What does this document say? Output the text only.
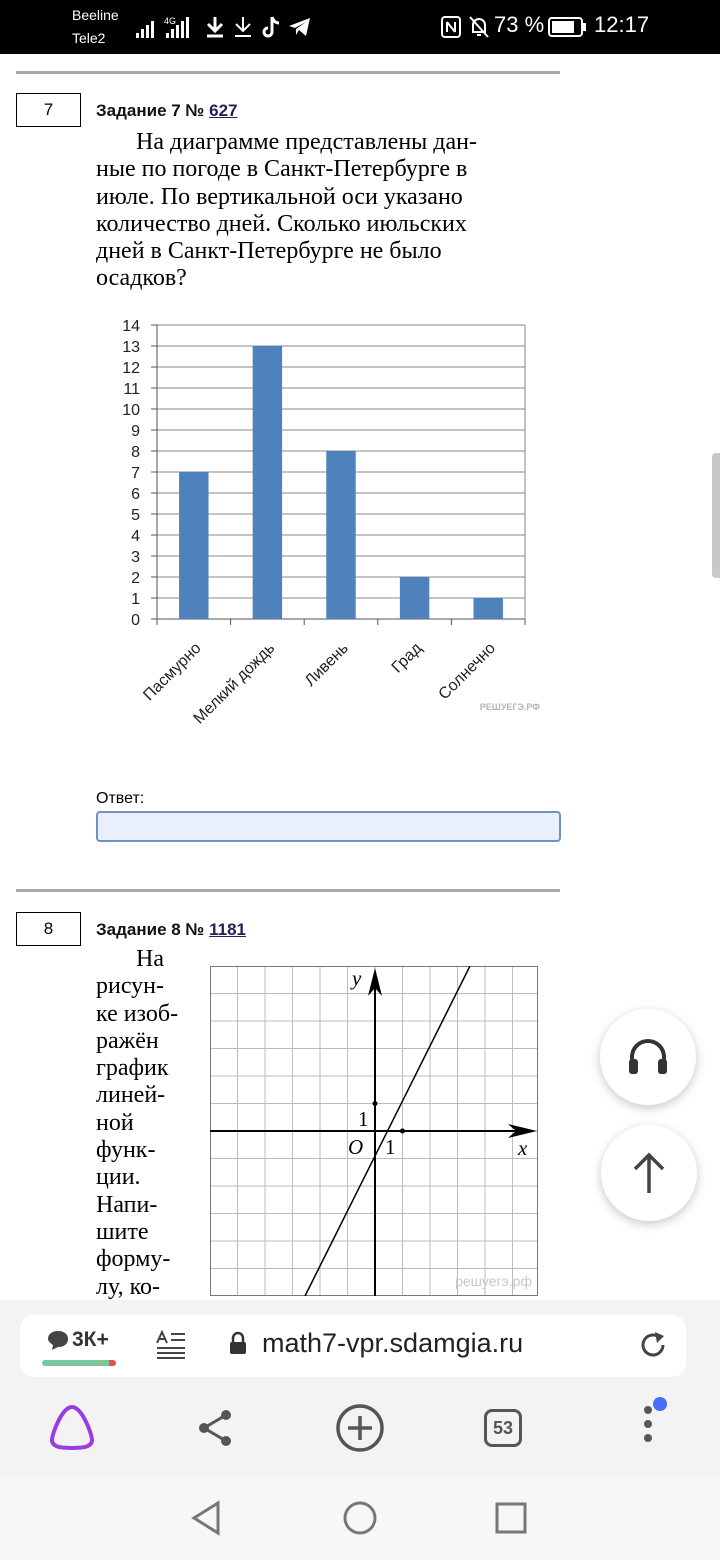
Beeline
Tele2
4G	73 % 12:17
7	Задание 7 № 627
На диаграмме представлены дан-
ные по погоде в Санкт-Петербурге в
июле. По вертикальной оси указано
количество дней. Сколько июльских
дней в Санкт-Петербурге не было
осадков?
0
1
2
3
4
5
6
7
8
9
10
11
12
13
14
Пасмурно
Мелкий дождь Ливень Град Солнечно
РЕШУЕГЭ.РФ
Ответ:
8	Задание 8 № 1181
На
рисун-
ке изоб-
ражён
график
линей-
ной
функ-
ции.
Напи-
шите
форму-
лу, ко-
x
y
O 1
1
решуегэ.рф
3К+	math7-vpr.sdamgia.ru
53
